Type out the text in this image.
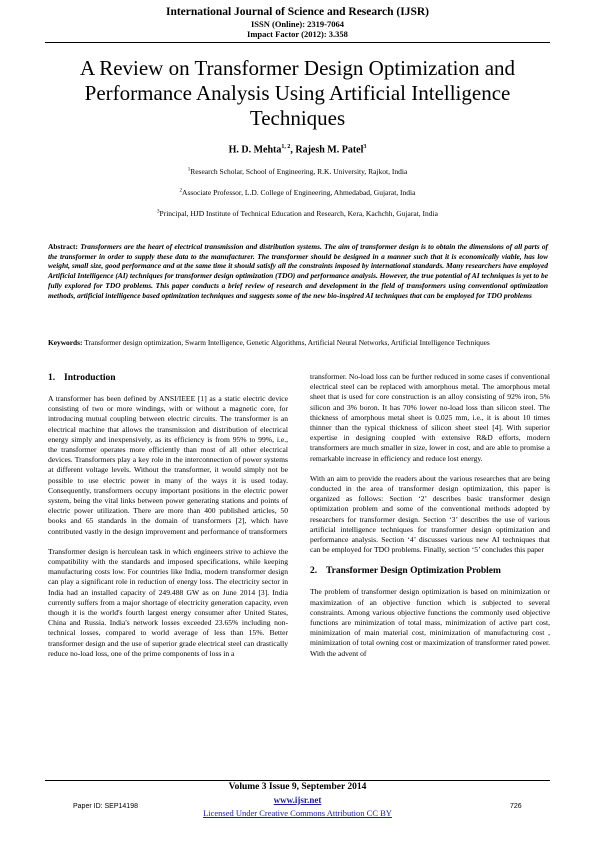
International Journal of Science and Research (IJSR)
ISSN (Online): 2319-7064
Impact Factor (2012): 3.358
A Review on Transformer Design Optimization and
Performance Analysis Using Artificial Intelligence
Techniques
H. D. Mehta$^{1, 2}$, Rajesh M. Patel$^3$
$^1$Research Scholar, School of Engineering, R.K. University, Rajkot, India
$^2$Associate Professor, L.D. College of Engineering, Ahmedabad, Gujarat, India
$^3$Principal, HJD Institute of Technical Education and Research, Kera, Kachchh, Gujarat, India
Abstract: Transformers are the heart of electrical transmission and distribution systems. The aim of transformer design is to obtain the dimensions of all parts of the transformer in order to supply these data to the manufacturer. The transformer should be designed in a manner such that it is economically viable, has low weight, small size, good performance and at the same time it should satisfy all the constraints imposed by international standards. Many researchers have employed Artificial Intelligence (AI) techniques for transformer design optimization (TDO) and performance analysis. However, the true potential of AI techniques is yet to be fully explored for TDO problems. This paper conducts a brief review of research and development in the field of transformers using conventional optimization methods, artificial intelligence based optimization techniques and suggests some of the new bio-inspired AI techniques that can be employed for TDO problems
Keywords: Transformer design optimization, Swarm Intelligence, Genetic Algorithms, Artificial Neural Networks, Artificial Intelligence Techniques
1. Introduction

A transformer has been defined by ANSI/IEEE [1] as a static electric device consisting of two or more windings, with or without a magnetic core, for introducing mutual coupling between electric circuits. The transformer is an electrical machine that allows the transmission and distribution of electrical energy simply and inexpensively, as its efficiency is from 95% to 99%, i.e., the transformer operates more efficiently than most of all other electrical devices. Transformers play a key role in the interconnection of power systems at different voltage levels. Without the transformer, it would simply not be possible to use electric power in many of the ways it is used today. Consequently, transformers occupy important positions in the electric power system, being the vital links between power generating stations and points of electric power utilization. There are more than 400 published articles, 50 books and 65 standards in the domain of transformers [2], which have contributed vastly in the design improvement and performance of transformers

Transformer design is herculean task in which engineers strive to achieve the compatibility with the standards and imposed specifications, while keeping manufacturing costs low. For countries like India, modern transformer design can play a significant role in reduction of energy loss. The electricity sector in India had an installed capacity of 249.488 GW as on June 2014 [3]. India currently suffers from a major shortage of electricity generation capacity, even though it is the world's fourth largest energy consumer after United States, China and Russia. India's network losses exceeded 23.65% including non- technical losses, compared to world average of less than 15%. Better transformer design and the use of superior grade electrical steel can drastically reduce no-load loss, one of the prime components of loss in a

transformer. No-load loss can be further reduced in some cases if conventional electrical steel can be replaced with amorphous metal. The amorphous metal sheet that is used for core construction is an alloy consisting of 92% iron, 5% silicon and 3% boron. It has 70% lower no-load loss than silicon steel. The thickness of amorphous metal sheet is 0.025 mm, i.e., it is about 10 times thinner than the typical thickness of silicon sheet steel [4]. With superior expertise in designing coupled with extensive R&D efforts, modern transformers are much smaller in size, lower in cost, and are able to promise a remarkable increase in efficiency and reduce lost energy.

With an aim to provide the readers about the various researches that are being conducted in the area of transformer design optimization, this paper is organized as follows: Section ‘2’ describes basic transformer design optimization problem and some of the conventional methods adopted by researchers for transformer design. Section ‘3’ describes the use of various artificial intelligence techniques for transformer design optimization and performance analysis. Section ‘4’ discusses various new AI techniques that can be employed for TDO problems. Finally, section ‘5’ concludes this paper

2. Transformer Design Optimization Problem

The problem of transformer design optimization is based on minimization or maximization of an objective function which is subjected to several constraints. Among various objective functions the commonly used objective functions are minimization of total mass, minimization of active part cost, minimization of main material cost, minimization of manufacturing cost , minimization of total owning cost or maximization of transformer rated power. With the advent of

Volume 3 Issue 9, September 2014
www.ijsr.net
Licensed Under Creative Commons Attribution CC BY
Paper ID: SEP14198	726
